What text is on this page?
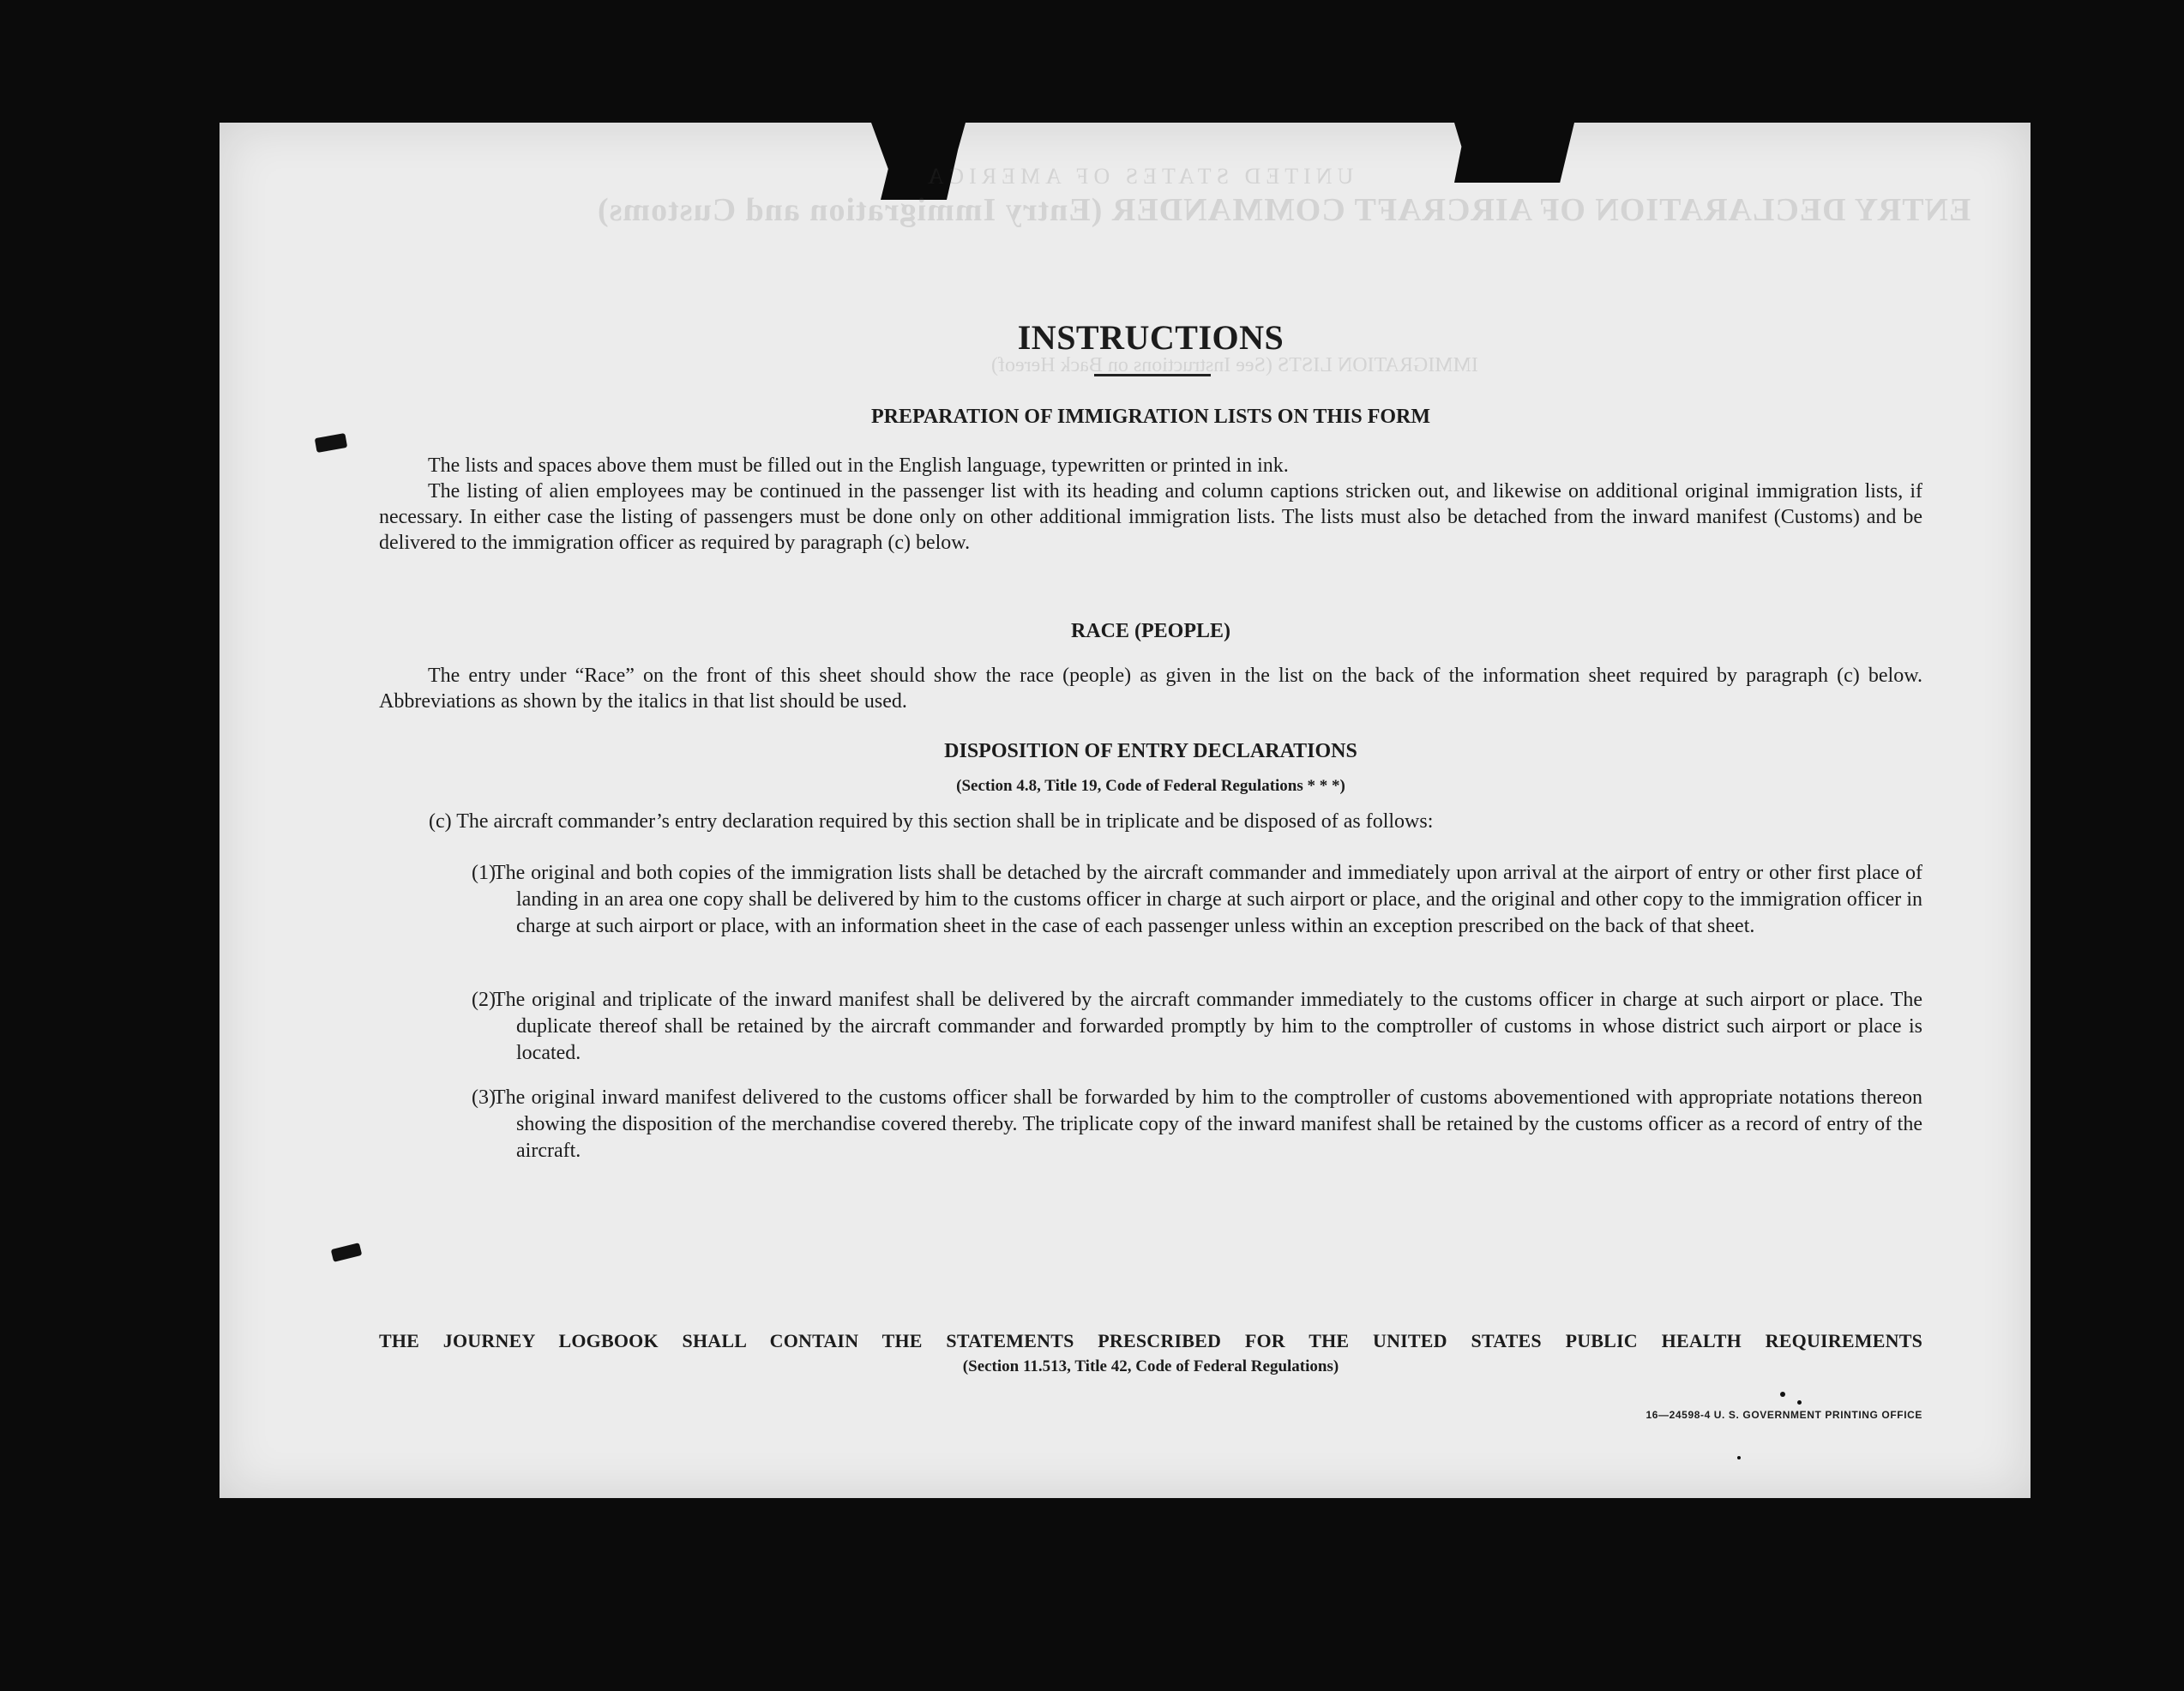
UNITED STATES OF AMERICA
ENTRY DECLARATION OF AIRCRAFT COMMANDER (Entry Immigration and Customs)
IMMIGRATION LISTS (See Instructions on Back Hereof)
INSTRUCTIONS
PREPARATION OF IMMIGRATION LISTS ON THIS FORM

The lists and spaces above them must be filled out in the English language, typewritten or printed in ink.

The listing of alien employees may be continued in the passenger list with its heading and column captions stricken out, and likewise on additional original immigration lists, if necessary. In either case the listing of passengers must be done only on other additional immigration lists. The lists must also be detached from the inward manifest (Customs) and be delivered to the immigration officer as required by paragraph (c) below.

RACE (PEOPLE)

The entry under “Race” on the front of this sheet should show the race (people) as given in the list on the back of the information sheet required by paragraph (c) below. Abbreviations as shown by the italics in that list should be used.

DISPOSITION OF ENTRY DECLARATIONS
(Section 4.8, Title 19, Code of Federal Regulations * * *)

(c) The aircraft commander’s entry declaration required by this section shall be in triplicate and be disposed of as follows:

(1)
The original and both copies of the immigration lists shall be detached by the aircraft commander and immediately upon arrival at the airport of entry or other first place of landing in an area one copy shall be delivered by him to the customs officer in charge at such airport or place, and the original and other copy to the immigration officer in charge at such airport or place, with an information sheet in the case of each passenger unless within an exception prescribed on the back of that sheet.
(2)
The original and triplicate of the inward manifest shall be delivered by the aircraft commander immediately to the customs officer in charge at such airport or place. The duplicate thereof shall be retained by the aircraft commander and forwarded promptly by him to the comptroller of customs in whose district such airport or place is located.
(3)
The original inward manifest delivered to the customs officer shall be forwarded by him to the comptroller of customs abovementioned with appropriate notations thereon showing the disposition of the merchandise covered thereby. The triplicate copy of the inward manifest shall be retained by the customs officer as a record of entry of the aircraft.

THE JOURNEY LOGBOOK SHALL CONTAIN THE STATEMENTS PRESCRIBED FOR THE UNITED STATES PUBLIC HEALTH REQUIREMENTS

(Section 11.513, Title 42, Code of Federal Regulations)

16—24598-4 U. S. GOVERNMENT PRINTING OFFICE
